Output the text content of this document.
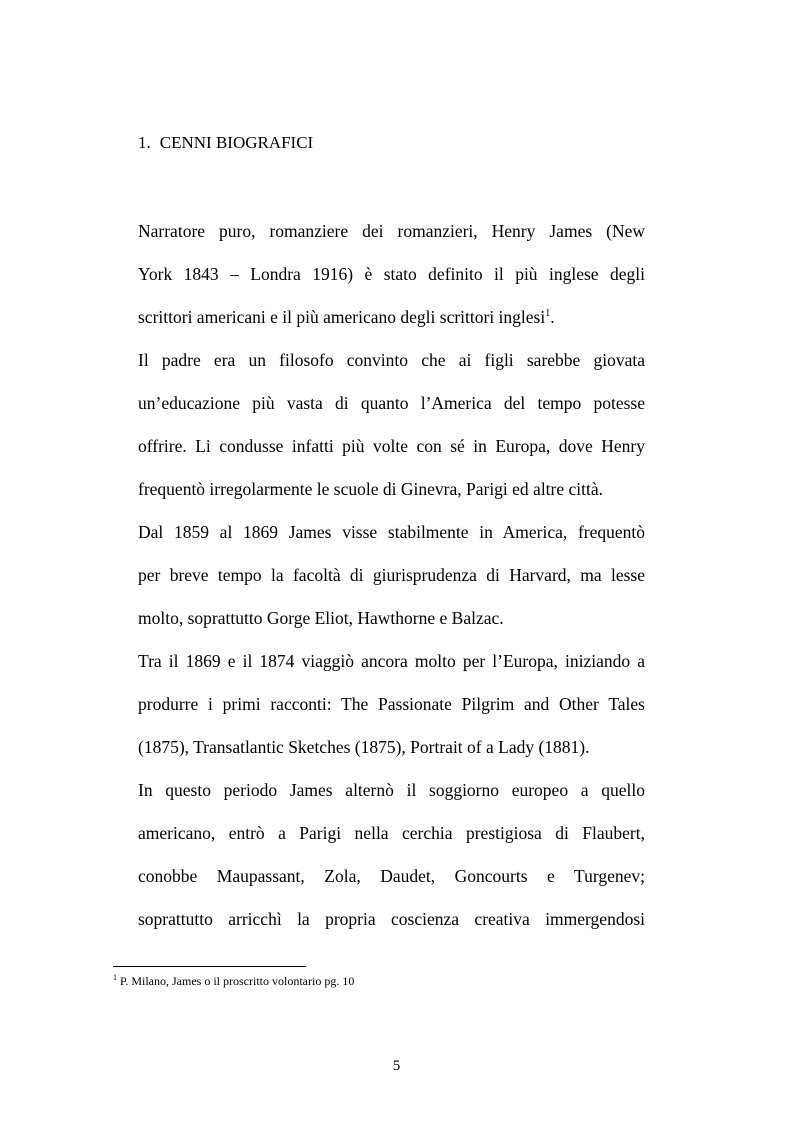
1. CENNI BIOGRAFICI
Narratore puro, romanziere dei romanzieri, Henry James (New
York 1843 – Londra 1916) è stato definito il più inglese degli
scrittori americani e il più americano degli scrittori inglesi$^1$.
Il padre era un filosofo convinto che ai figli sarebbe giovata
un’educazione più vasta di quanto l’America del tempo potesse
offrire. Li condusse infatti più volte con sé in Europa, dove Henry
frequentò irregolarmente le scuole di Ginevra, Parigi ed altre città.
Dal 1859 al 1869 James visse stabilmente in America, frequentò
per breve tempo la facoltà di giurisprudenza di Harvard, ma lesse
molto, soprattutto Gorge Eliot, Hawthorne e Balzac.
Tra il 1869 e il 1874 viaggiò ancora molto per l’Europa, iniziando a
produrre i primi racconti: The Passionate Pilgrim and Other Tales
(1875), Transatlantic Sketches (1875), Portrait of a Lady (1881).
In questo periodo James alternò il soggiorno europeo a quello
americano, entrò a Parigi nella cerchia prestigiosa di Flaubert,
conobbe Maupassant, Zola, Daudet, Goncourts e Turgenev;
soprattutto arricchì la propria coscienza creativa immergendosi
$^1$ P. Milano, James o il proscritto volontario pg. 10
5
